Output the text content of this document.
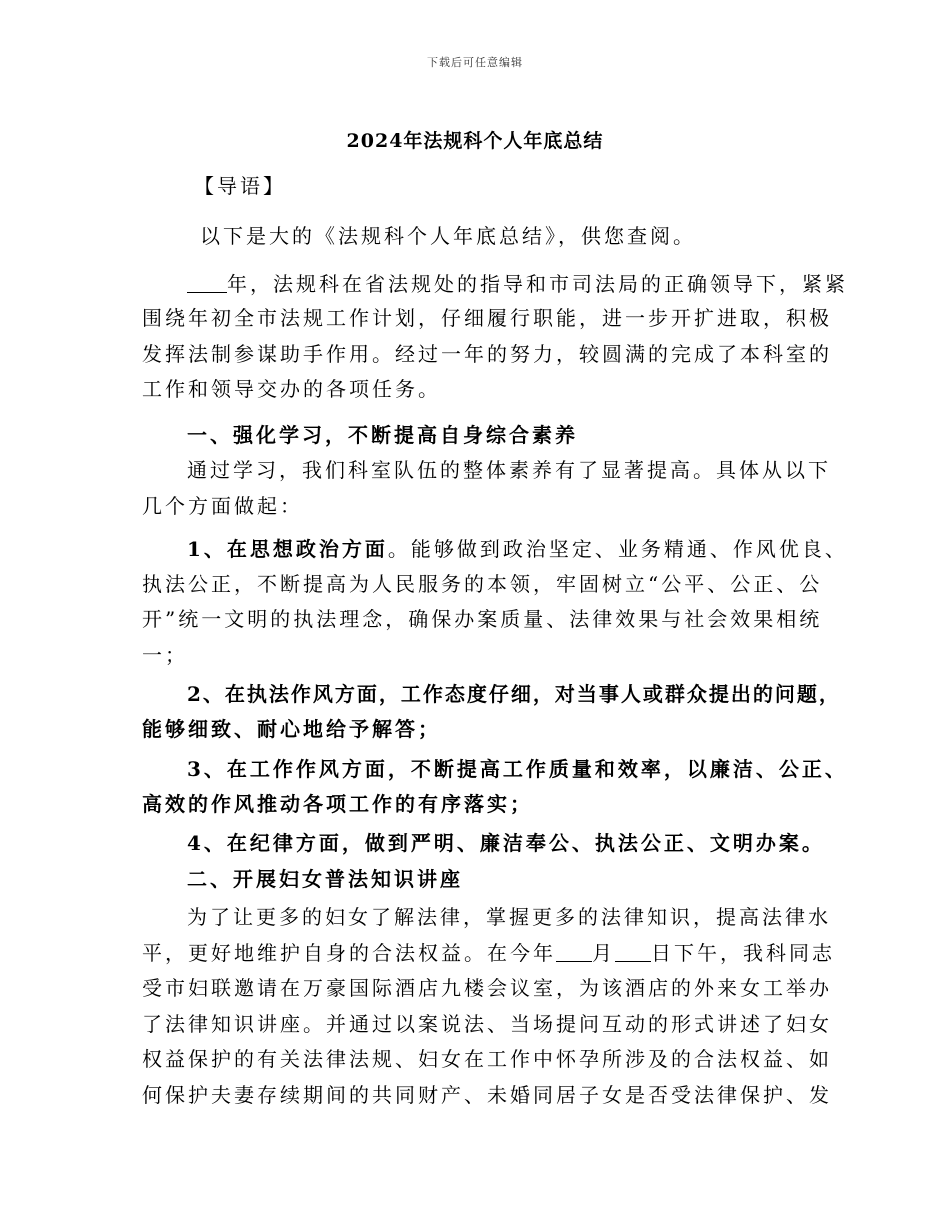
下载后可任意编辑
2024年法规科个人年底总结
【导语】
以下是大的《法规科个人年底总结》，供您查阅。
年，法规科在省法规处的指导和市司法局的正确领导下，紧紧
围绕年初全市法规工作计划，仔细履行职能，进一步开扩进取，积极
发挥法制参谋助手作用。经过一年的努力，较圆满的完成了本科室的
工作和领导交办的各项任务。
一、强化学习，不断提高自身综合素养
通过学习，我们科室队伍的整体素养有了显著提高。具体从以下
几个方面做起：
1、在思想政治方面。能够做到政治坚定、业务精通、作风优良、
执法公正，不断提高为人民服务的本领，牢固树立“公平、公正、公
开”统一文明的执法理念，确保办案质量、法律效果与社会效果相统
一；
2、在执法作风方面，工作态度仔细，对当事人或群众提出的问题，
能够细致、耐心地给予解答；
3、在工作作风方面，不断提高工作质量和效率，以廉洁、公正、
高效的作风推动各项工作的有序落实；
4、在纪律方面，做到严明、廉洁奉公、执法公正、文明办案。
二、开展妇女普法知识讲座
为了让更多的妇女了解法律，掌握更多的法律知识，提高法律水
平，更好地维护自身的合法权益。在今年 月 日下午，我科同志
受市妇联邀请在万豪国际酒店九楼会议室，为该酒店的外来女工举办
了法律知识讲座。并通过以案说法、当场提问互动的形式讲述了妇女
权益保护的有关法律法规、妇女在工作中怀孕所涉及的合法权益、如
何保护夫妻存续期间的共同财产、未婚同居子女是否受法律保护、发
